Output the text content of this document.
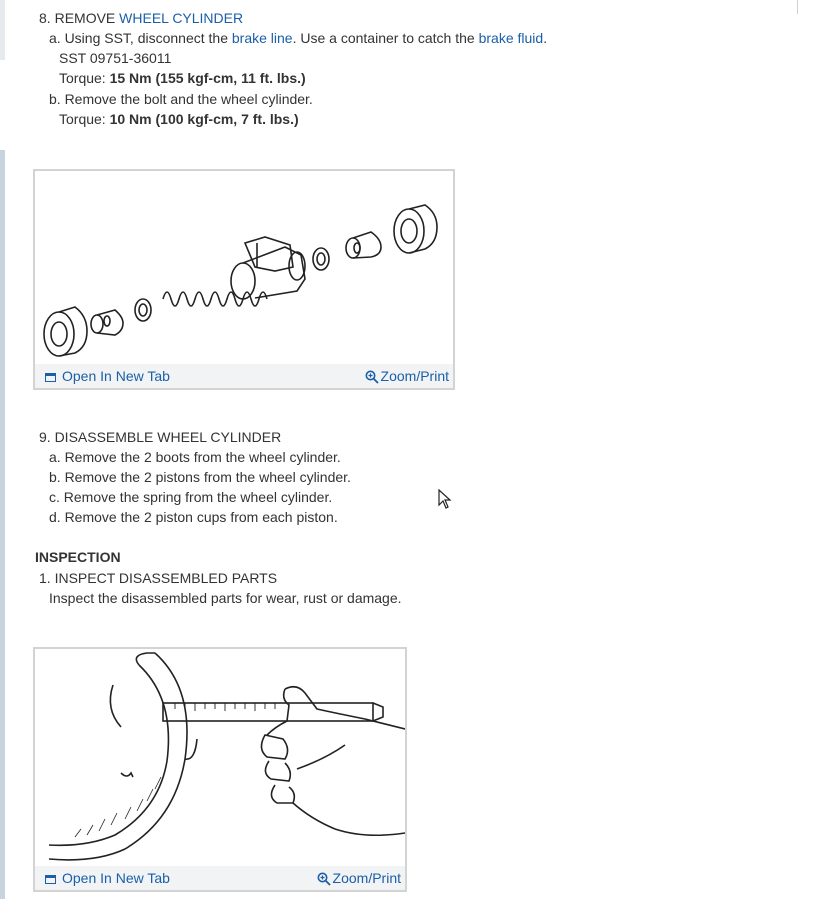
8. REMOVE WHEEL CYLINDER
a. Using SST, disconnect the brake line. Use a container to catch the brake fluid.
SST 09751-36011
Torque: 15 Nm (155 kgf-cm, 11 ft. lbs.)
b. Remove the bolt and the wheel cylinder.
Torque: 10 Nm (100 kgf-cm, 7 ft. lbs.)
Open In New Tab	Zoom/Print
9. DISASSEMBLE WHEEL CYLINDER
a. Remove the 2 boots from the wheel cylinder.
b. Remove the 2 pistons from the wheel cylinder.
c. Remove the spring from the wheel cylinder.
d. Remove the 2 piston cups from each piston.
INSPECTION
1. INSPECT DISASSEMBLED PARTS
Inspect the disassembled parts for wear, rust or damage.
Open In New Tab	Zoom/Print
